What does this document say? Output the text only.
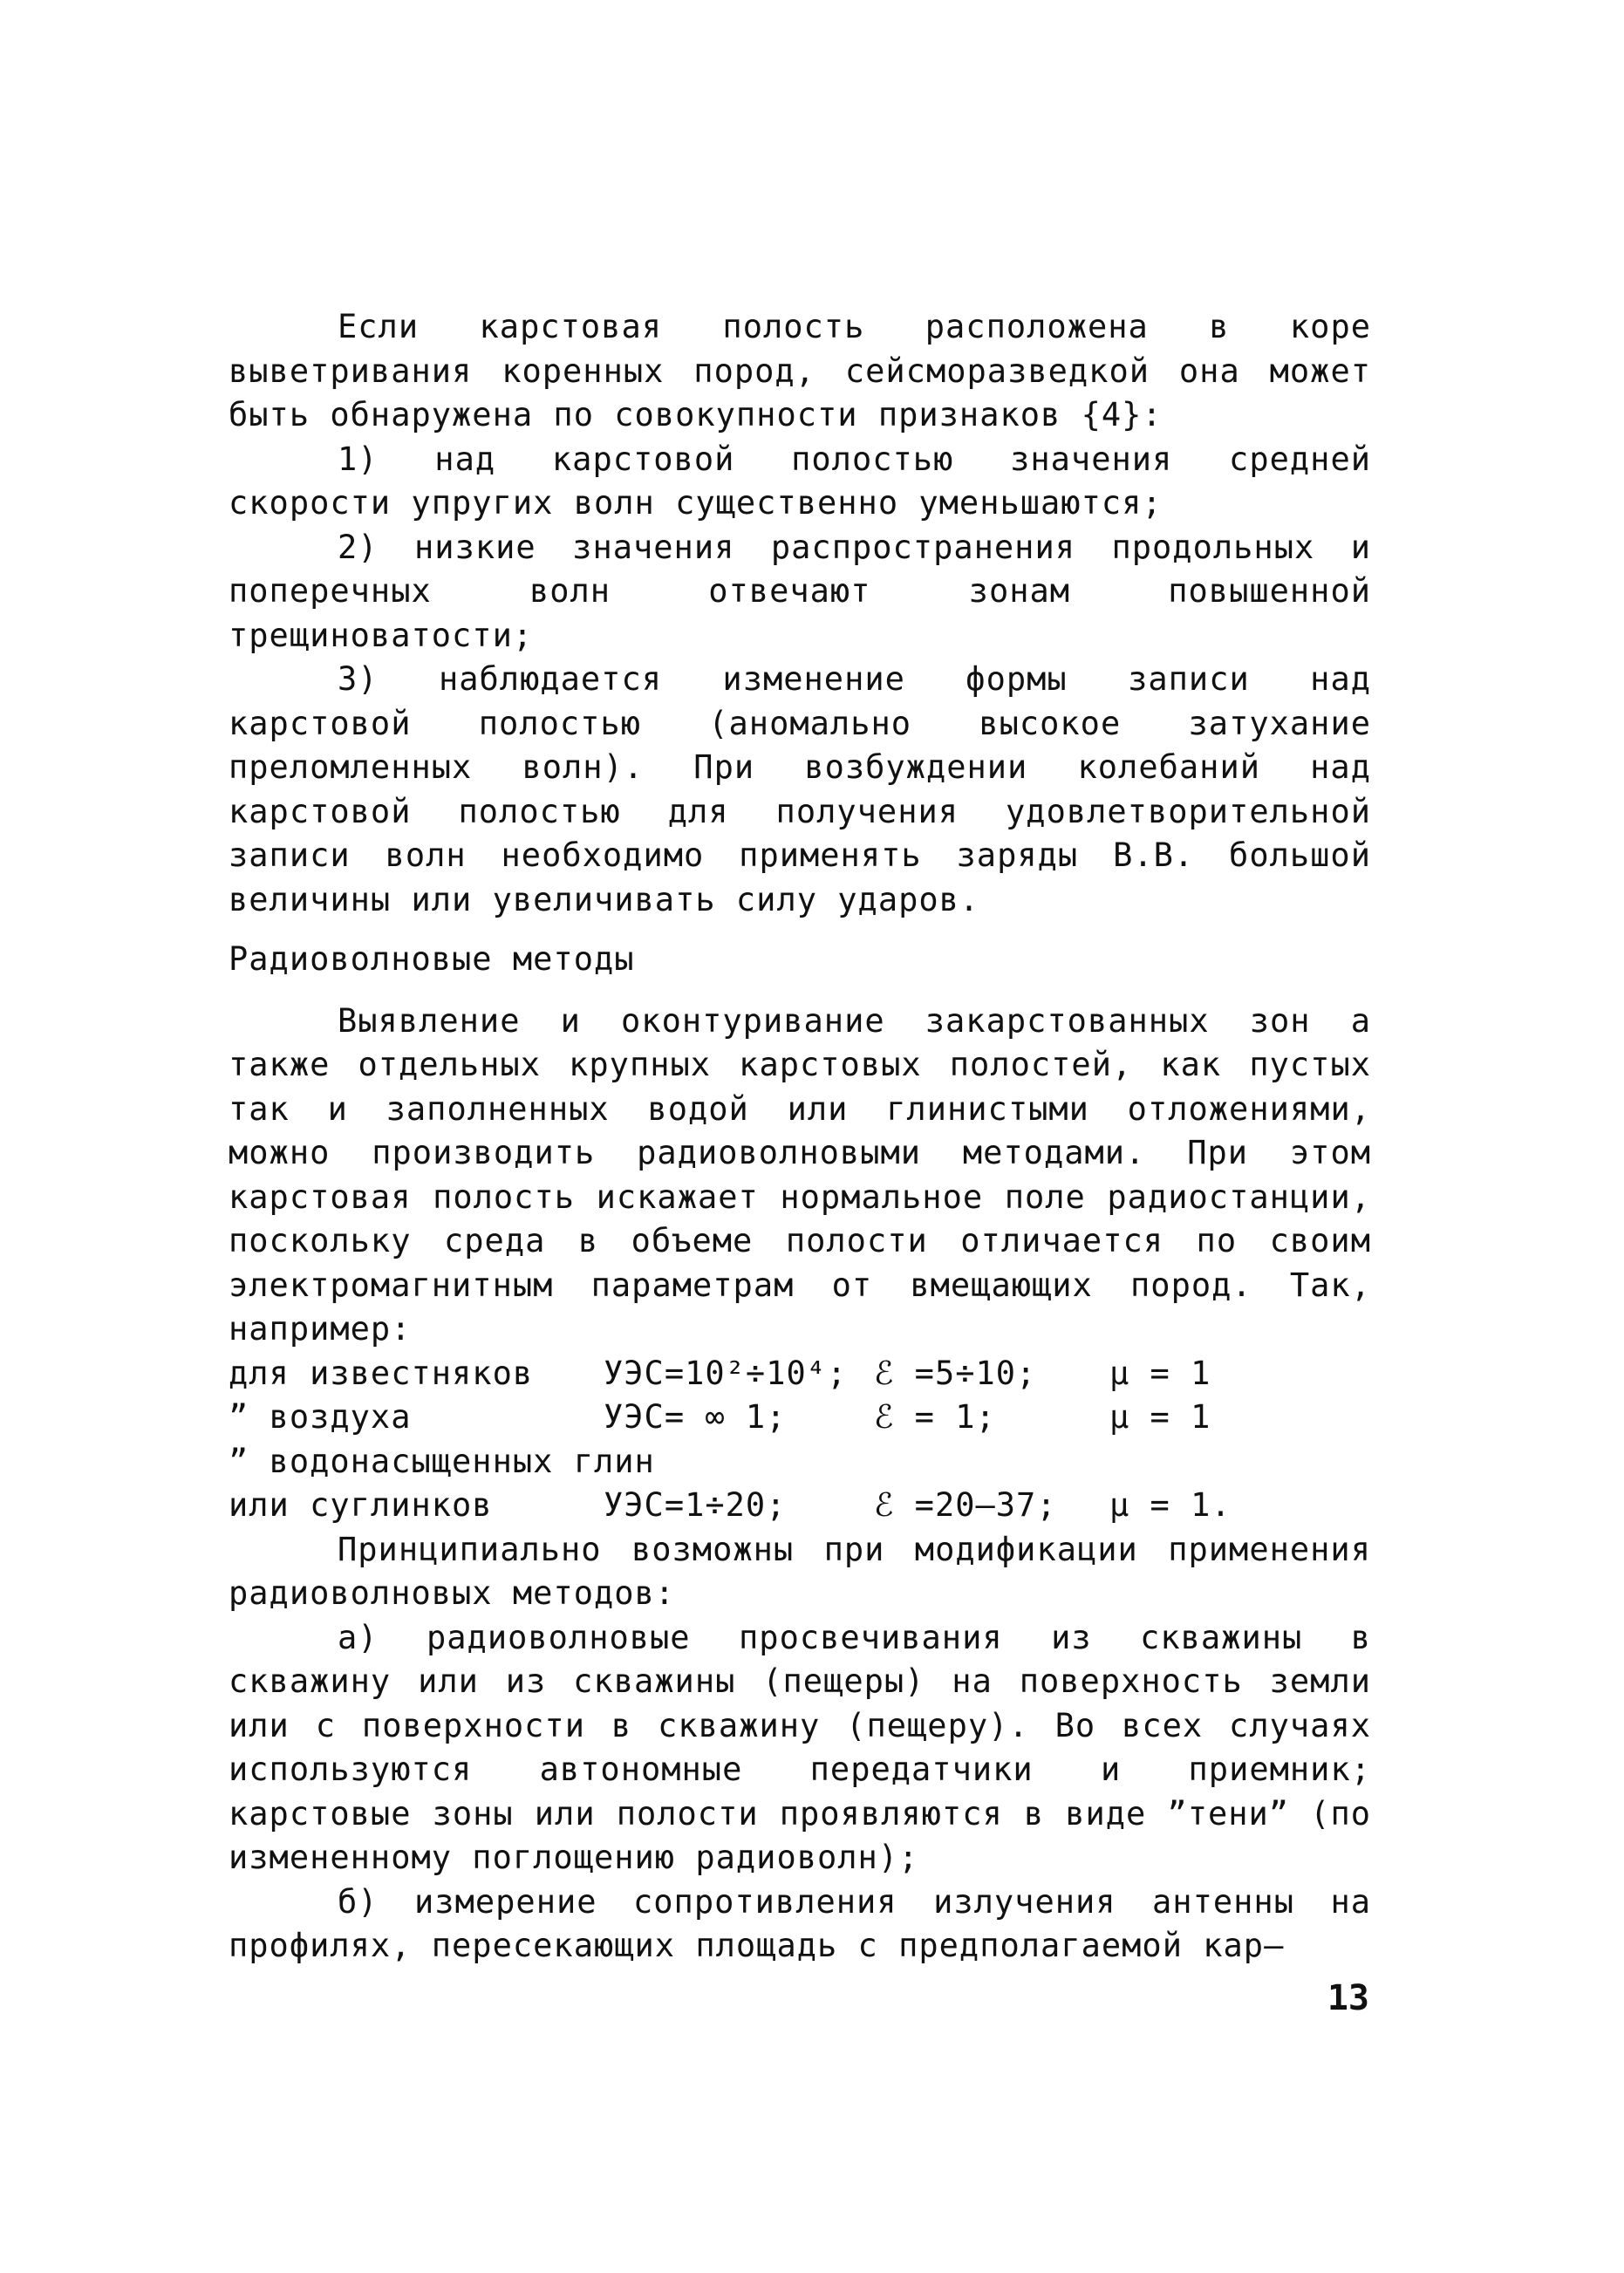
Если карстовая полость расположена в коре выветривания коренных пород, сейсморазведкой она может быть обнаружена по совокупности признаков {4}:

1) над карстовой полостью значения средней скорости упругих волн существенно уменьшаются;

2) низкие значения распространения продольных и поперечных волн отвечают зонам повышенной трещиноватости;

3) наблюдается изменение формы записи над карстовой полостью (аномально высокое затухание преломленных волн). При возбуждении колебаний над карстовой полостью для получения удовлетворительной записи волн необходимо применять заряды В.В. большой величины или увеличивать силу ударов.

Радиоволновые методы

Выявление и оконтуривание закарстованных зон а также отдельных крупных карстовых полостей, как пустых так и заполненных водой или глинистыми отложениями, можно производить радиоволновыми методами. При этом карстовая полость искажает нормальное поле радиостанции, поскольку среда в объеме полости отличается по своим электромагнитным параметрам от вмещающих пород. Так, например:

для известняков	УЭС=10²÷10⁴; ℰ =5÷10;	μ = 1
” воздуха	УЭС= ∞ 1;	ℰ = 1;	μ = 1
” водонасыщенных глин
или суглинков	УЭС=1÷20;	ℰ =20–37;	μ = 1.

Принципиально возможны при модификации применения радиоволновых методов:

а) радиоволновые просвечивания из скважины в скважину или из скважины (пещеры) на поверхность земли или с поверхности в скважину (пещеру). Во всех случаях используются автономные передатчики и приемник; карстовые зоны или полости проявляются в виде ”тени” (по измененному поглощению радиоволн);

б) измерение сопротивления излучения антенны на профилях, пересекающих площадь с предполагаемой кар–

13
